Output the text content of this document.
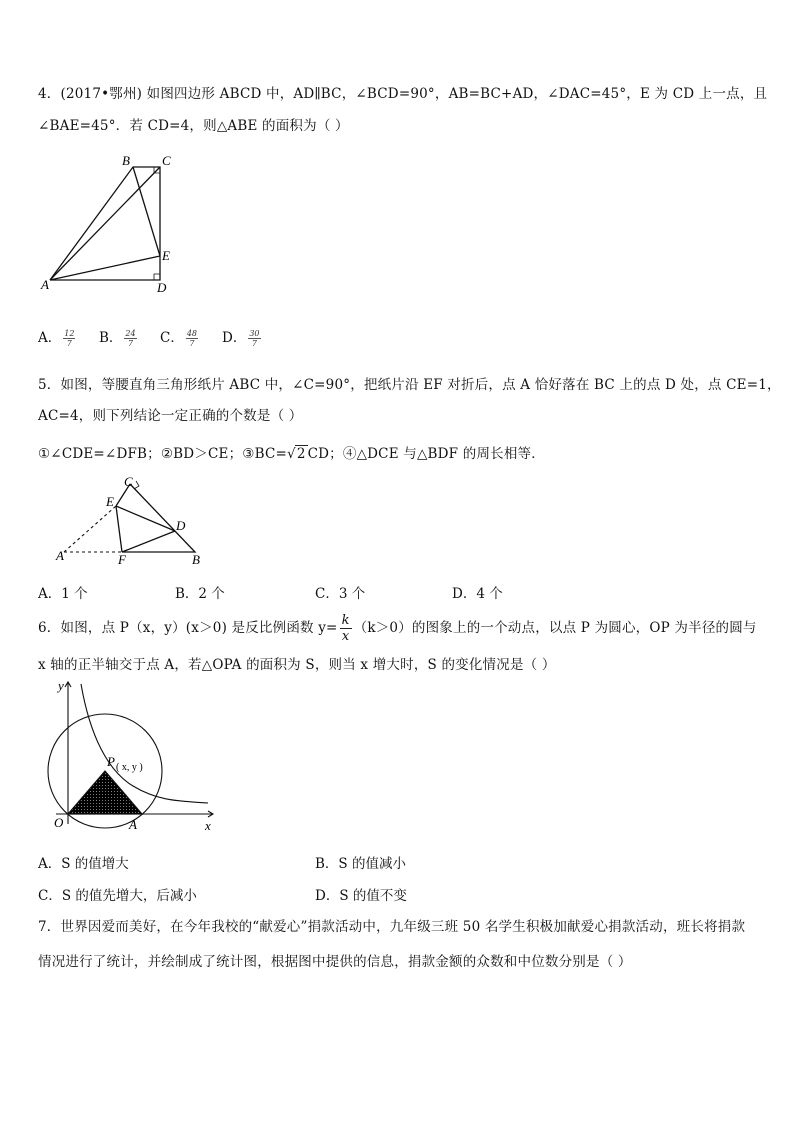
4．(2017•鄂州) 如图四边形 ABCD 中，AD∥BC，∠BCD=90°，AB=BC+AD，∠DAC=45°，E 为 CD 上一点，且
∠BAE=45°．若 CD=4，则△ABE 的面积为（ ）
B C
E
A	D
A． $\frac{12}{7}$ B． $\frac{24}{7}$ C． $\frac{48}{7}$ D． $\frac{30}{7}$
5．如图，等腰直角三角形纸片 ABC 中，∠C=90°，把纸片沿 EF 对折后，点 A 恰好落在 BC 上的点 D 处，点 CE=1，
AC=4，则下列结论一定正确的个数是（ ）
①∠CDE=∠DFB；②BD＞CE；③BC=√2 CD；④△DCE 与△BDF 的周长相等．
C
E
D
A	F	B
A．1 个	B．2 个	C．3 个	D．4 个
6．如图，点 P（x，y）(x＞0) 是反比例函数 $y= \frac{k}{x} (k>0)$的图象上的一个动点，以点 P 为圆心，OP 为半径的圆与
x 轴的正半轴交于点 A，若△OPA 的面积为 S，则当 x 增大时，S 的变化情况是（ ）
y
x
O	A
P ( x, y )
A．S 的值增大	B．S 的值减小
C．S 的值先增大，后减小	D．S 的值不变
7．世界因爱而美好，在今年我校的“献爱心”捐款活动中，九年级三班 50 名学生积极加献爱心捐款活动，班长将捐款
情况进行了统计，并绘制成了统计图，根据图中提供的信息，捐款金额的众数和中位数分别是（ ）
